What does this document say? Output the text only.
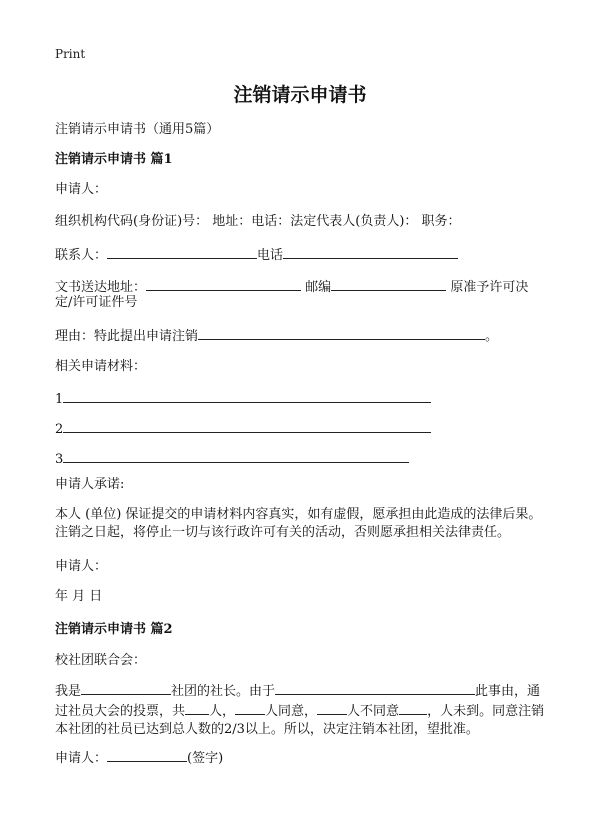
Print
注销请示申请书
注销请示申请书（通用5篇）
注销请示申请书 篇1
申请人：
组织机构代码(身份证)号： 地址：电话：法定代表人(负责人)： 职务：
联系人：	电话
文书送达地址：	邮编	原准予许可决
定/许可证件号
理由：特此提出申请注销	。
相关申请材料：
1
2
3
申请人承诺:
本人 (单位) 保证提交的申请材料内容真实，如有虚假，愿承担由此造成的法律后果。注销之日起，将停止一切与该行政许可有关的活动，否则愿承担相关法律责任。
申请人：
年 月 日
注销请示申请书 篇2
校社团联合会：
我是	社团的社长。由于	此事由，通过社员大会的投票，共 人， 人同意， 人不同意 ，人未到。同意注销本社团的社员已达到总人数的2/3以上。所以，决定注销本社团，望批准。
申请人：	(签字)
